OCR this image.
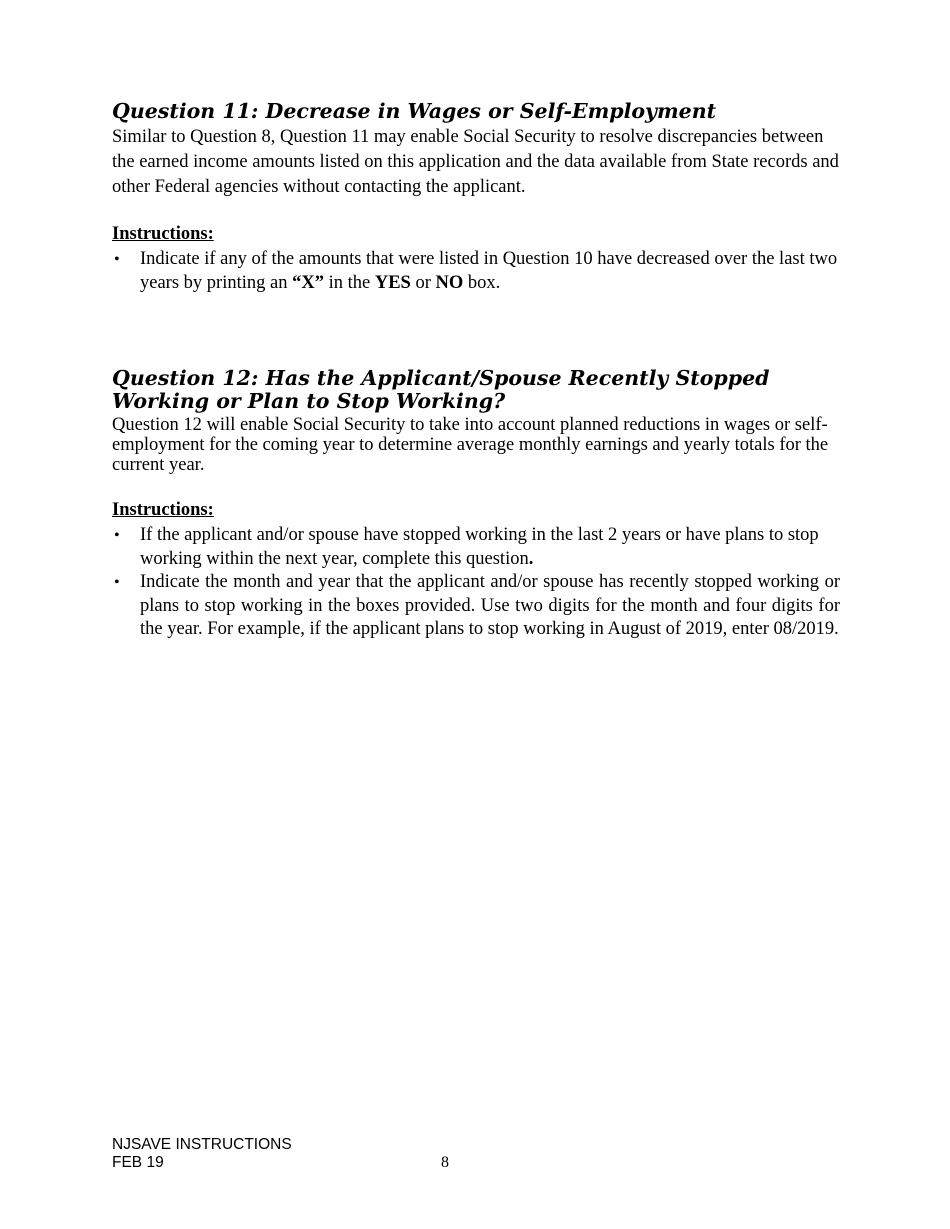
Question 11: Decrease in Wages or Self-Employment

Similar to Question 8, Question 11 may enable Social Security to resolve discrepancies between the earned income amounts listed on this application and the data available from State records and other Federal agencies without contacting the applicant.

Instructions:

• Indicate if any of the amounts that were listed in Question 10 have decreased over the last two years by printing an “X” in the YES or NO box.
Question 12: Has the Applicant/Spouse Recently Stopped Working or Plan to Stop Working?

Question 12 will enable Social Security to take into account planned reductions in wages or self-employment for the coming year to determine average monthly earnings and yearly totals for the current year.

Instructions:

• If the applicant and/or spouse have stopped working in the last 2 years or have plans to stop working within the next year, complete this question.
• Indicate the month and year that the applicant and/or spouse has recently stopped working or plans to stop working in the boxes provided. Use two digits for the month and four digits for the year. For example, if the applicant plans to stop working in August of 2019, enter 08/2019.
NJSAVE INSTRUCTIONS
FEB 19	8
